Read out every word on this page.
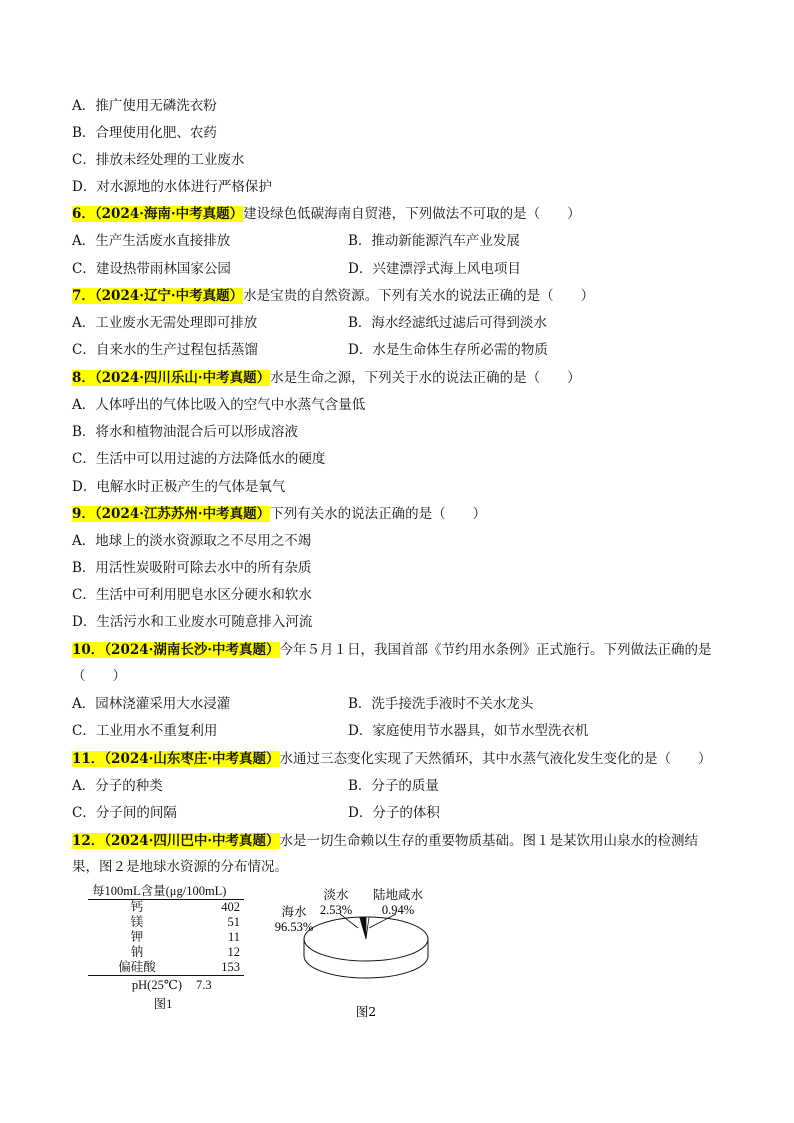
A．推广使用无磷洗衣粉
B．合理使用化肥、农药
C．排放未经处理的工业废水
D．对水源地的水体进行严格保护
6．（2024·海南·中考真题）建设绿色低碳海南自贸港，下列做法不可取的是（　　）
A．生产生活废水直接排放	B．推动新能源汽车产业发展
C．建设热带雨林国家公园	D．兴建漂浮式海上风电项目
7．（2024·辽宁·中考真题）水是宝贵的自然资源。下列有关水的说法正确的是（　　）
A．工业废水无需处理即可排放	B．海水经滤纸过滤后可得到淡水
C．自来水的生产过程包括蒸馏	D．水是生命体生存所必需的物质
8．（2024·四川乐山·中考真题）水是生命之源，下列关于水的说法正确的是（　　）
A．人体呼出的气体比吸入的空气中水蒸气含量低
B．将水和植物油混合后可以形成溶液
C．生活中可以用过滤的方法降低水的硬度
D．电解水时正极产生的气体是氧气
9．（2024·江苏苏州·中考真题）下列有关水的说法正确的是（　　）
A．地球上的淡水资源取之不尽用之不竭
B．用活性炭吸附可除去水中的所有杂质
C．生活中可利用肥皂水区分硬水和软水
D．生活污水和工业废水可随意排入河流
10．（2024·湖南长沙·中考真题）今年５月１日，我国首部《节约用水条例》正式施行。下列做法正确的是
（　　）
A．园林浇灌采用大水浸灌	B．洗手接洗手液时不关水龙头
C．工业用水不重复利用	D．家庭使用节水器具，如节水型洗衣机
11．（2024·山东枣庄·中考真题）水通过三态变化实现了天然循环，其中水蒸气液化发生变化的是（　　）
A．分子的种类	B．分子的质量
C．分子间的间隔	D．分子的体积
12．（2024·四川巴中·中考真题）水是一切生命赖以生存的重要物质基础。图１是某饮用山泉水的检测结
果，图２是地球水资源的分布情况。
每100mL含量(μg/100mL)	
钙	402
镁	51
钾	11
钠	12
偏硅酸	153
pH(25℃)	7.3
图1
淡水
2.53%
陆地咸水
0.94%
海水
96.53%
图2
